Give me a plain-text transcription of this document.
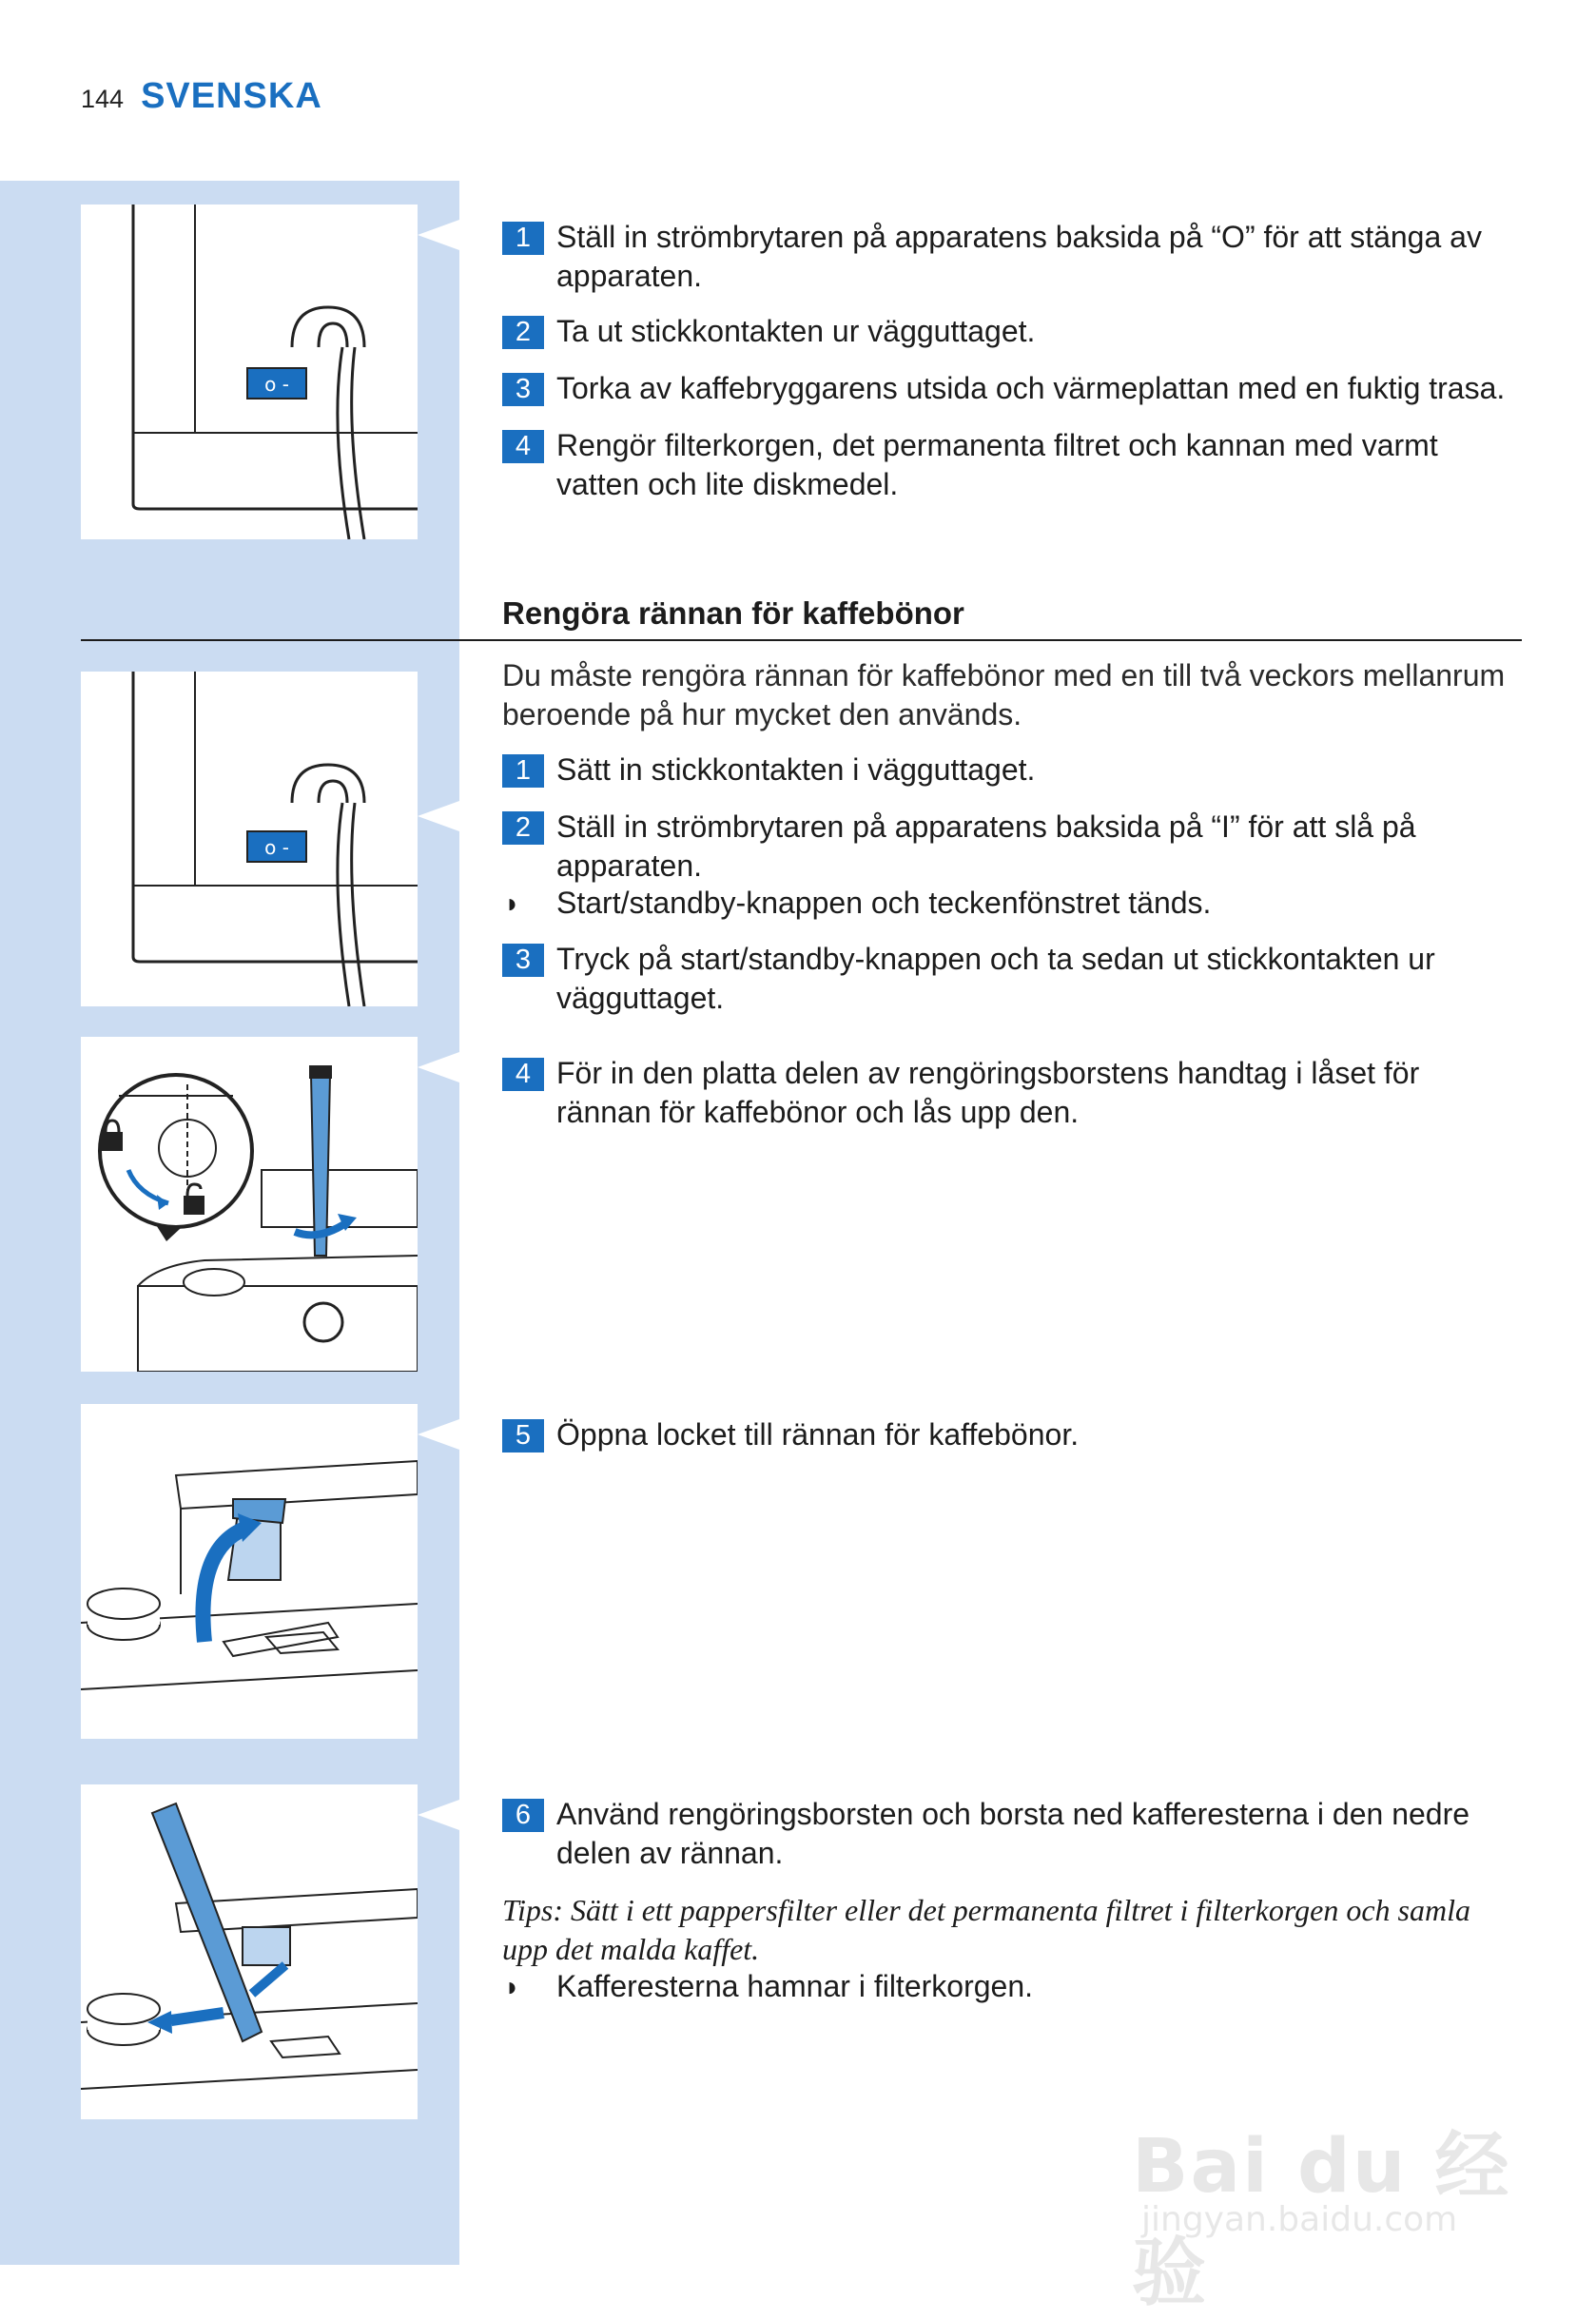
144 SVENSKA
o -
1 Ställ in strömbrytaren på apparatens baksida på “O” för att stänga av apparaten.
2 Ta ut stickkontakten ur vägguttaget.
3 Torka av kaffebryggarens utsida och värmeplattan med en fuktig trasa.
4 Rengör filterkorgen, det permanenta filtret och kannan med varmt vatten och lite diskmedel.
Rengöra rännan för kaffebönor
Du måste rengöra rännan för kaffebönor med en till två veckors mellanrum beroende på hur mycket den används.
o -
1 Sätt in stickkontakten i vägguttaget.
2 Ställ in strömbrytaren på apparatens baksida på “I” för att slå på apparaten.
◗ Start/standby-knappen och teckenfönstret tänds.
3 Tryck på start/standby-knappen och ta sedan ut stickkontakten ur vägguttaget.
4 För in den platta delen av rengöringsborstens handtag i låset för rännan för kaffebönor och lås upp den.
5 Öppna locket till rännan för kaffebönor.
6 Använd rengöringsborsten och borsta ned kafferesterna i den nedre delen av rännan.
Tips: Sätt i ett pappersfilter eller det permanenta filtret i filterkorgen och samla upp det malda kaffet.
◗ Kafferesterna hamnar i filterkorgen.
Bai du 经验
jingyan.baidu.com
